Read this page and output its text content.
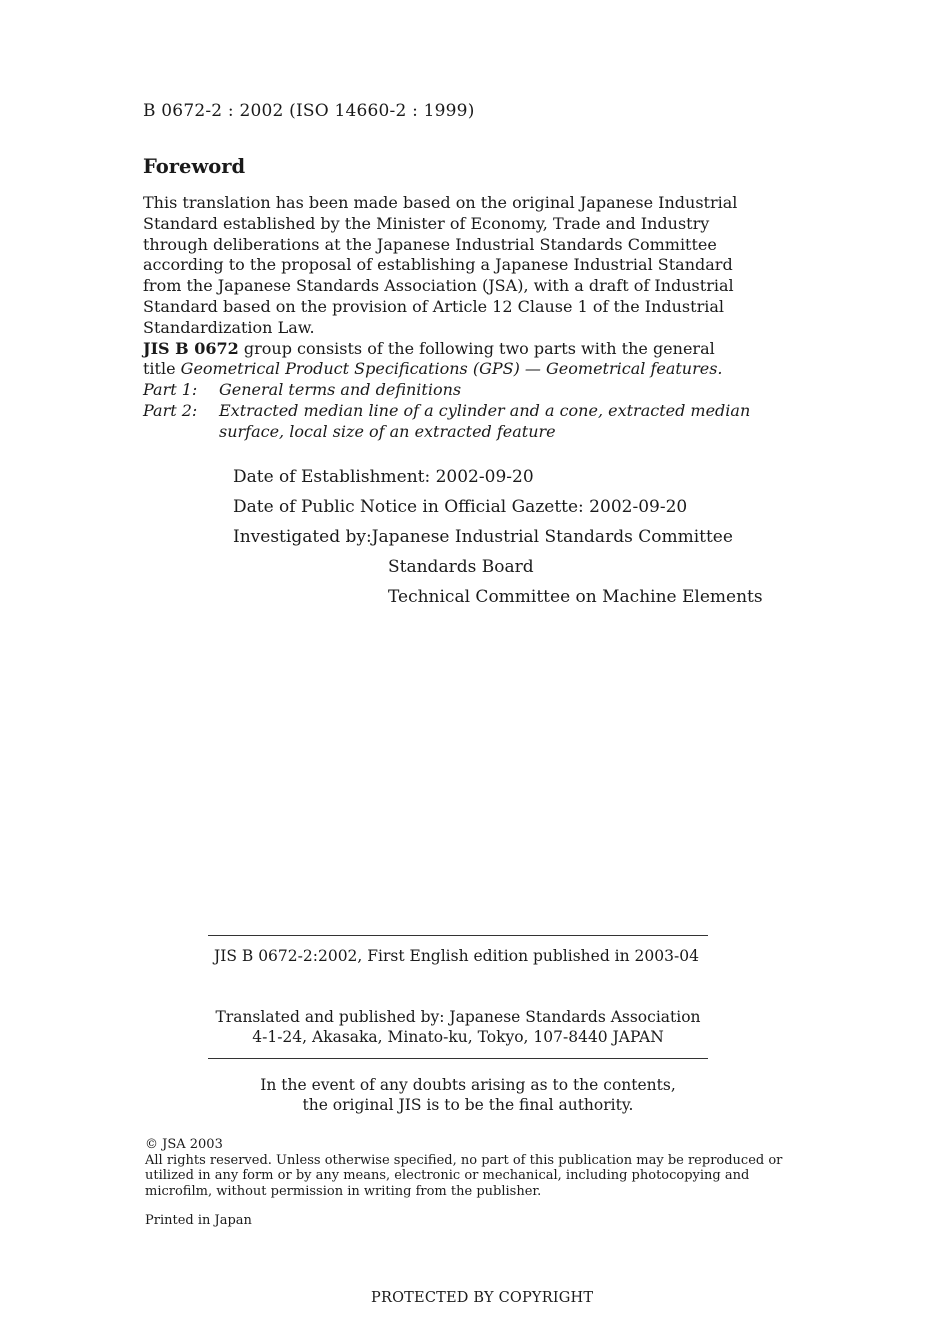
B 0672-2 : 2002 (ISO 14660-2 : 1999)
Foreword
This translation has been made based on the original Japanese Industrial
Standard established by the Minister of Economy, Trade and Industry
through deliberations at the Japanese Industrial Standards Committee
according to the proposal of establishing a Japanese Industrial Standard
from the Japanese Standards Association (JSA), with a draft of Industrial
Standard based on the provision of Article 12 Clause 1 of the Industrial
Standardization Law.
JIS B 0672 group consists of the following two parts with the general
title Geometrical Product Specifications (GPS) — Geometrical features.
Part 1:	General terms and definitions
Part 2:	Extracted median line of a cylinder and a cone, extracted median
surface, local size of an extracted feature
Date of Establishment: 2002-09-20
Date of Public Notice in Official Gazette: 2002-09-20
Investigated by:Japanese Industrial Standards Committee
Standards Board
Technical Committee on Machine Elements
JIS B 0672-2:2002, First English edition published in 2003-04
Translated and published by: Japanese Standards Association
4-1-24, Akasaka, Minato-ku, Tokyo, 107-8440 JAPAN
In the event of any doubts arising as to the contents,
the original JIS is to be the final authority.
© JSA 2003
All rights reserved. Unless otherwise specified, no part of this publication may be reproduced or
utilized in any form or by any means, electronic or mechanical, including photocopying and
microfilm, without permission in writing from the publisher.
Printed in Japan
PROTECTED BY COPYRIGHT
